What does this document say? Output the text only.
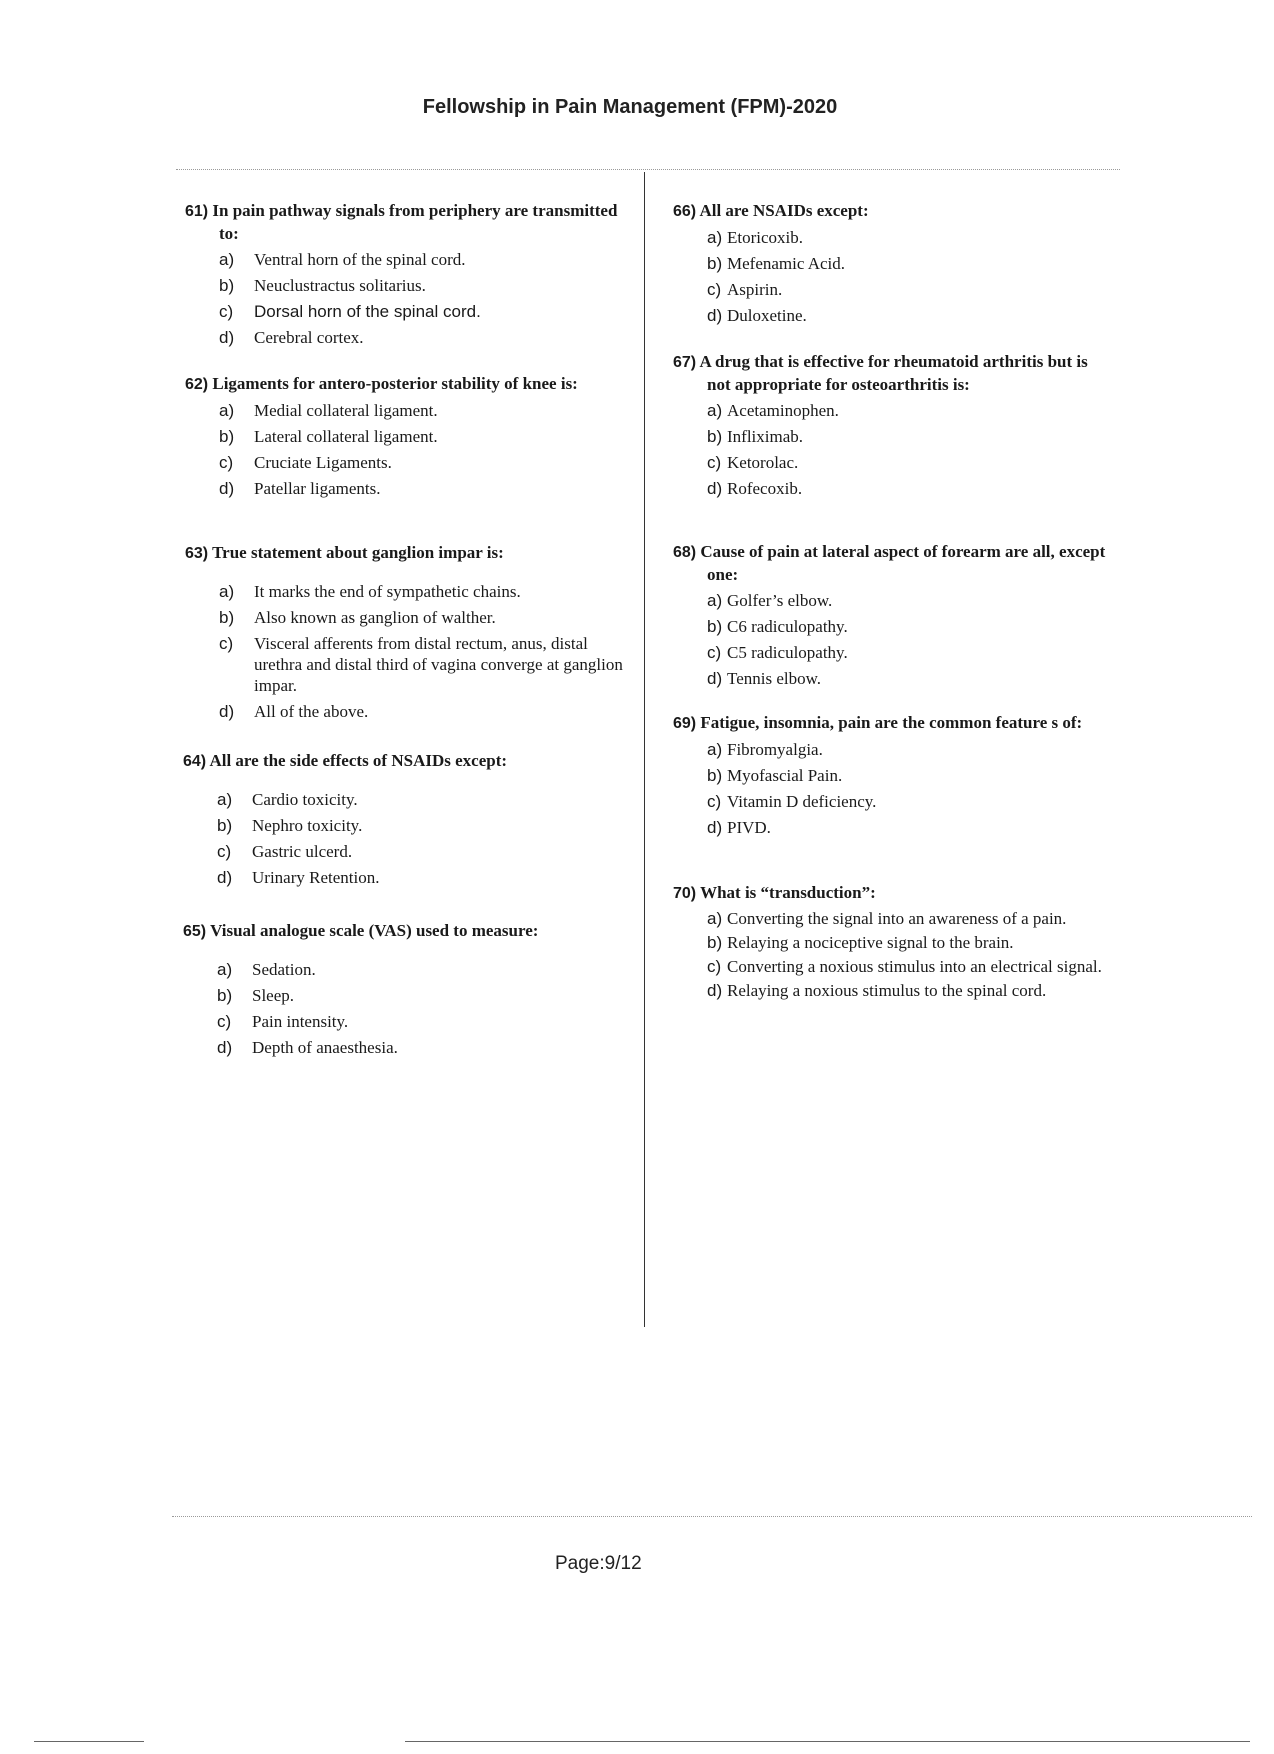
Fellowship in Pain Management (FPM)-2020

61) In pain pathway signals from periphery are transmitted to:

a)	Ventral horn of the spinal cord.
b)	Neuclustractus solitarius.
c)	Dorsal horn of the spinal cord.
d)	Cerebral cortex.

62) Ligaments for antero-posterior stability of knee is:

a)	Medial collateral ligament.
b)	Lateral collateral ligament.
c)	Cruciate Ligaments.
d)	Patellar ligaments.

63) True statement about ganglion impar is:

a)	It marks the end of sympathetic chains.
b)	Also known as ganglion of walther.
c)	Visceral afferents from distal rectum, anus, distal urethra and distal third of vagina converge at ganglion impar.
d)	All of the above.

64) All are the side effects of NSAIDs except:

a)	Cardio toxicity.
b)	Nephro toxicity.
c)	Gastric ulcerd.
d)	Urinary Retention.

65) Visual analogue scale (VAS) used to measure:

a)	Sedation.
b)	Sleep.
c)	Pain intensity.
d)	Depth of anaesthesia.

66) All are NSAIDs except:

a) Etoricoxib.
b) Mefenamic Acid.
c) Aspirin.
d) Duloxetine.

67) A drug that is effective for rheumatoid arthritis but is not appropriate for osteoarthritis is:

a) Acetaminophen.
b) Infliximab.
c) Ketorolac.
d) Rofecoxib.

68) Cause of pain at lateral aspect of forearm are all, except one:

a) Golfer’s elbow.
b) C6 radiculopathy.
c) C5 radiculopathy.
d) Tennis elbow.

69) Fatigue, insomnia, pain are the common feature s of:

a) Fibromyalgia.
b) Myofascial Pain.
c) Vitamin D deficiency.
d) PIVD.

70) What is “transduction”:

a) Converting the signal into an awareness of a pain.
b) Relaying a nociceptive signal to the brain.
c) Converting a noxious stimulus into an electrical signal.
d) Relaying a noxious stimulus to the spinal cord.
Page:9/12
